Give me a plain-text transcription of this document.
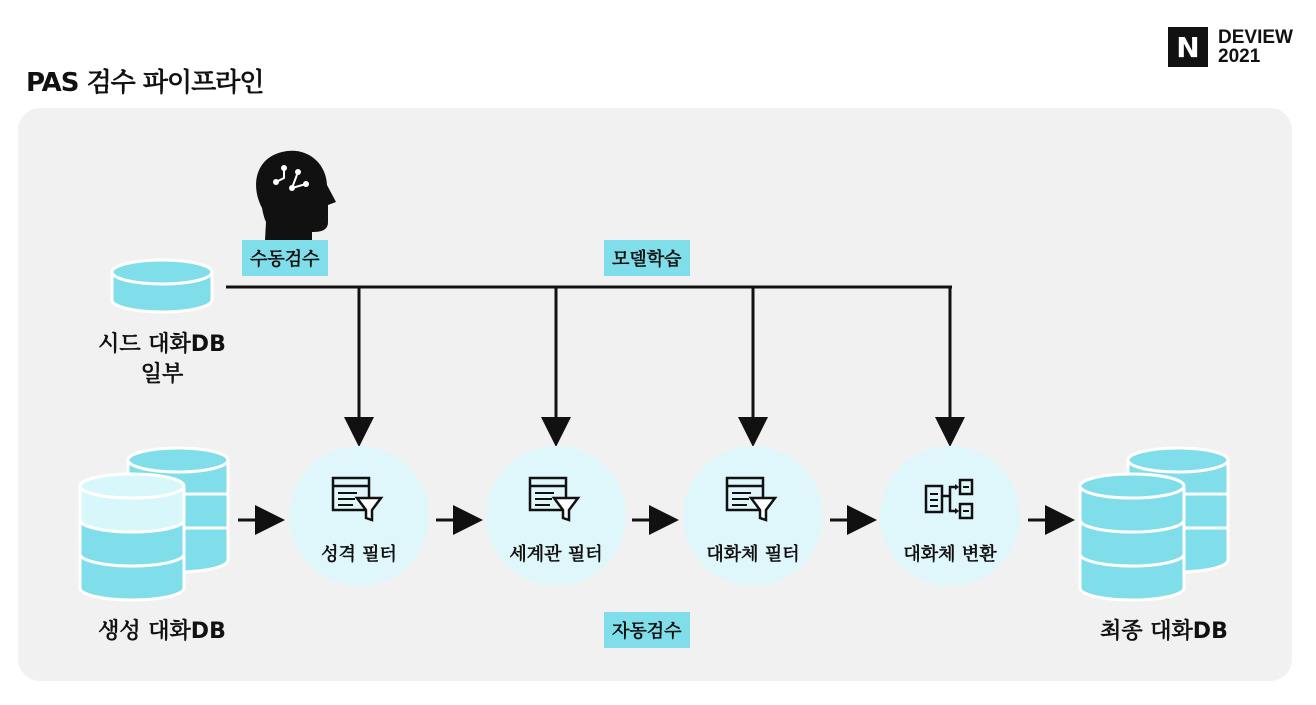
PAS 검수 파이프라인
N DEVIEW
2021
수동검수	모델학습
자동검수
시드 대화DB
일부
생성 대화DB	최종 대화DB
성격 필터	세계관 필터	대화체 필터	대화체 변환
